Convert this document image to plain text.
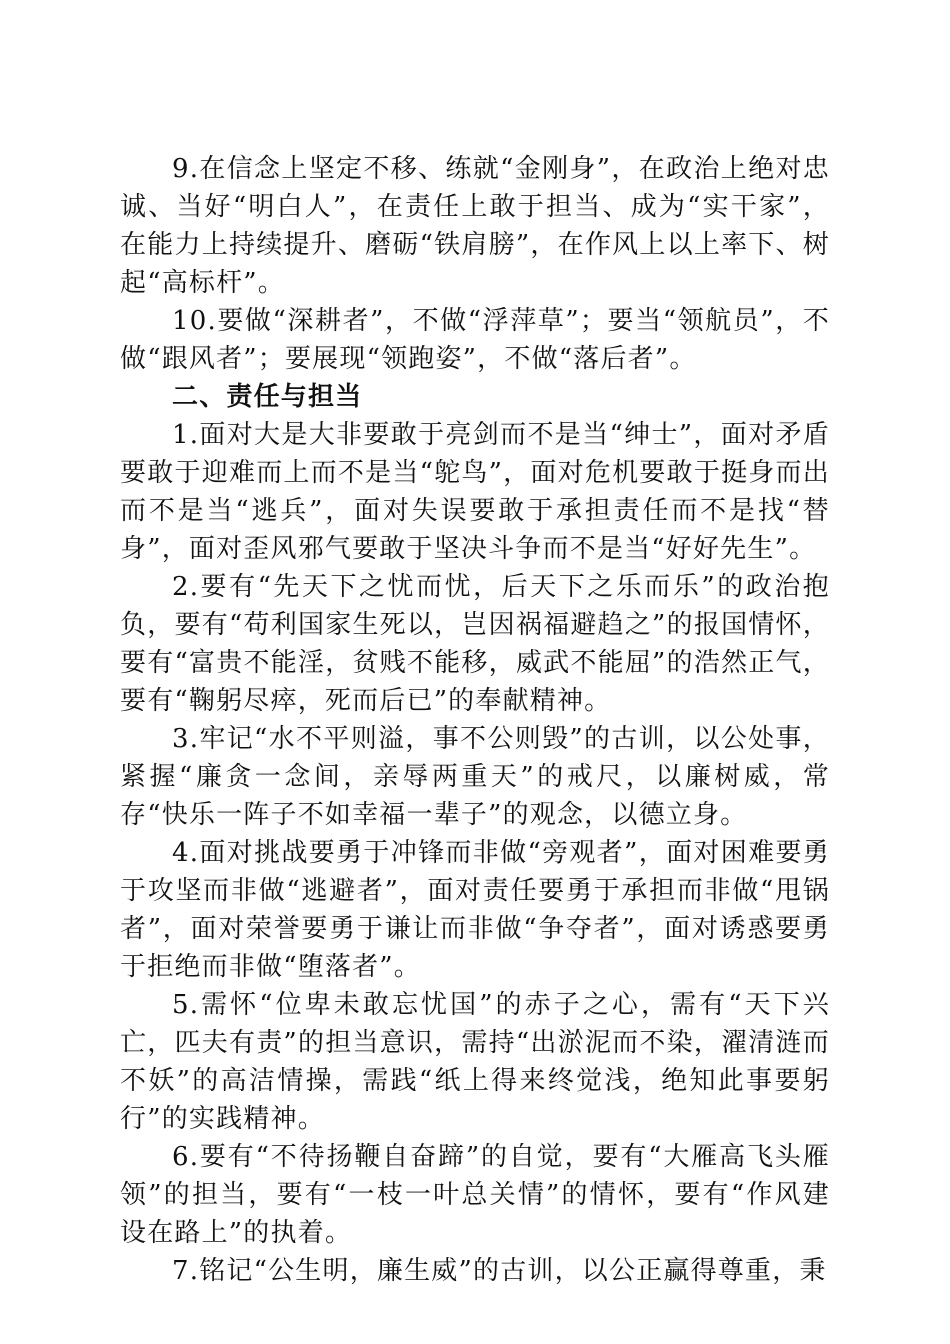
9.在信念上坚定不移、练就“金刚身”，在政治上绝对忠诚、当好“明白人”，在责任上敢于担当、成为“实干家”，在能力上持续提升、磨砺“铁肩膀”，在作风上以上率下、树起“高标杆”。

10.要做“深耕者”，不做“浮萍草”；要当“领航员”，不做“跟风者”；要展现“领跑姿”，不做“落后者”。

二、责任与担当

1.面对大是大非要敢于亮剑而不是当“绅士”，面对矛盾要敢于迎难而上而不是当“鸵鸟”，面对危机要敢于挺身而出而不是当“逃兵”，面对失误要敢于承担责任而不是找“替身”，面对歪风邪气要敢于坚决斗争而不是当“好好先生”。

2.要有“先天下之忧而忧，后天下之乐而乐”的政治抱负，要有“苟利国家生死以，岂因祸福避趋之”的报国情怀，要有“富贵不能淫，贫贱不能移，威武不能屈”的浩然正气，要有“鞠躬尽瘁，死而后已”的奉献精神。

3.牢记“水不平则溢，事不公则毁”的古训，以公处事，紧握“廉贪一念间，亲辱两重天”的戒尺，以廉树威，常存“快乐一阵子不如幸福一辈子”的观念，以德立身。

4.面对挑战要勇于冲锋而非做“旁观者”，面对困难要勇于攻坚而非做“逃避者”，面对责任要勇于承担而非做“甩锅者”，面对荣誉要勇于谦让而非做“争夺者”，面对诱惑要勇于拒绝而非做“堕落者”。

5.需怀“位卑未敢忘忧国”的赤子之心，需有“天下兴亡，匹夫有责”的担当意识，需持“出淤泥而不染，濯清涟而不妖”的高洁情操，需践“纸上得来终觉浅，绝知此事要躬行”的实践精神。

6.要有“不待扬鞭自奋蹄”的自觉，要有“大雁高飞头雁领”的担当，要有“一枝一叶总关情”的情怀，要有“作风建设在路上”的执着。

7.铭记“公生明，廉生威”的古训，以公正赢得尊重，秉
